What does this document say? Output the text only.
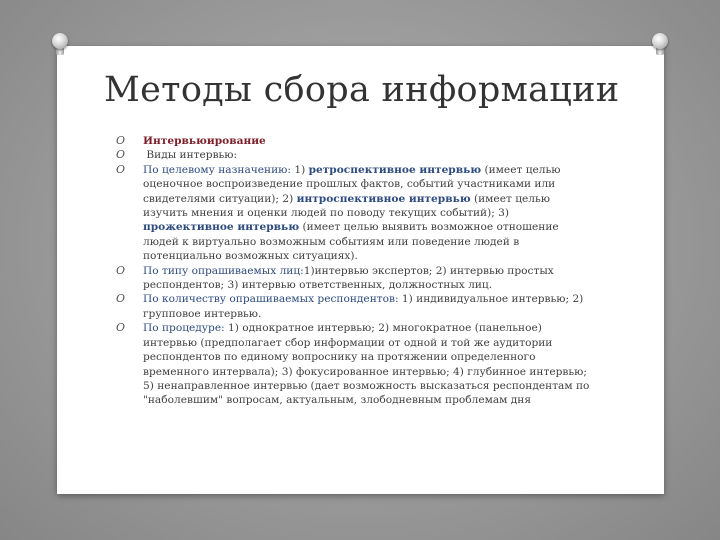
Методы сбора информации

O Интервьюирование

O Виды интервью:

O По целевому назначению: 1) ретроспективное интервью (имеет целью оценочное воспроизведение прошлых фактов, событий участниками или свидетелями ситуации); 2) интроспективное интервью (имеет целью изучить мнения и оценки людей по поводу текущих событий); 3) прожективное интервью (имеет целью выявить возможное отношение людей к виртуально возможным событиям или поведение людей в потенциально возможных ситуациях).

O По типу опрашиваемых лиц:1)интервью экспертов; 2) интервью простых респондентов; 3) интервью ответственных, должностных лиц.

O По количеству опрашиваемых респондентов: 1) индивидуальное интервью; 2) групповое интервью.

O По процедуре: 1) однократное интервью; 2) многократное (панельное) интервью (предполагает сбор информации от одной и той же аудитории респондентов по единому вопроснику на протяжении определенного временного интервала); 3) фокусированное интервью; 4) глубинное интервью; 5) ненаправленное интервью (дает возможность высказаться респондентам по "наболевшим" вопросам, актуальным, злободневным проблемам дня
